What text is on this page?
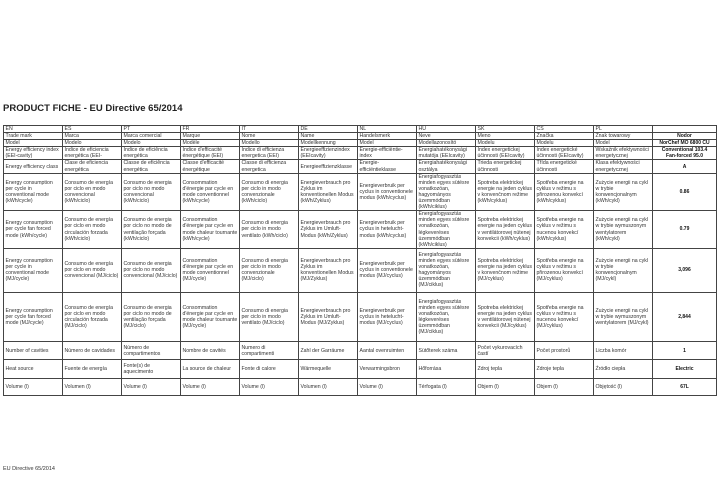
PRODUCT FICHE - EU Directive 65/2014
EN	ES	PT	FR	IT	DE	NL	HU	SK	CS	PL	
Trade mark	Marca	Marca comercial	Marque	Nome	Name	Handelsmerk	Neve	Meno	Značka	Znak towarowy	Nodor

Model	Modelo	Modelo	Modèle	Modello	Modellkennung	Model	Modellazonosító	Modelu	Modelu	Model	NorChef MO 6800 CU

Energy efficiency index (EEI-cavity)	Índice de eficiencia energética (EEI-	Índice de eficiência energética	Indice d'efficacité énergétique (EEI)	Indice di efficienza energetica (EEI)	Energieeffizienzindex (EEIcavity)	Energie-efficiëntie-index	Energiahatékonysági mutatója (EEIcavity)	Index energetickej účinnosti (EEIcavity)	Index energetické účinnosti (EEIcavity)	Wskaźnik efektywności energetycznej	Conventional 103.4
Fan-forced 95.0

Energy efficiency class	Clase de eficiencia energética	Classe de eficiência energética	Classe d'efficacité énergétique	Classe di efficienza energetica	Energieeffizienzklasse	Energie-efficiëntieklasse	Energiahatékonysági osztálya	Trieda energetickej účinnosti	Třída energetické účinnosti	Klasa efektywności energetycznej	A

Energy consumption per cycle in conventional mode (kWh/cycle)	Consumo de energía por ciclo en modo convencional (kWh/ciclo)	Consumo de energia por ciclo no modo convencional (kWh/ciclo)	Consommation d'énergie par cycle en mode conventionnel (kWh/cycle)	Consumo di energia per ciclo in modo convenzionale (kWh/ciclo)	Energieverbrauch pro Zyklus im konventionellen Modus (kWh/Zyklus)	Energieverbruik per cyclus in conventionele modus (kWh/cyclus)	Energiafogyasztás minden egyes sütésre vonatkozóan, hagyományos üzemmódban (kWh/ciklus)	Spotreba elektrickej energie na jeden cyklus v konvenčnom režime (kWh/cyklus)	Spotřeba energie na cyklus v režimu s přirozenou konvekcí (kWh/cyklus)	Zużycie energii na cykl w trybie konwencjonalnym (kWh/cykl)	0.86

Energy consumption per cycle fan forced mode (kWh/cycle)	Consumo de energía por ciclo en modo circulación forzada (kWh/ciclo)	Consumo de energia por ciclo no modo de ventilação forçada (kWh/ciclo)	Consommation d'énergie par cycle en mode chaleur tournante (kWh/cycle)	Consumo di energia per ciclo in modo ventilato (kWh/ciclo)	Energieverbrauch pro Zyklus im Umluft-Modus (kWh/Zyklus)	Energieverbruik per cyclus in hetelucht-modus (kWh/cyclus)	Energiafogyasztás minden egyes sütésre vonatkozóan, légkeveréses üzemmódban (kWh/ciklus)	Spotreba elektrickej energie na jeden cyklus v ventilátorovej nútenej konvekcii (kWh/cyklus)	Spotřeba energie na cyklus v režimu s nucenou konvekcí (kWh/cyklus)	Zużycie energii na cykl w trybie wymuszonym wentylatorem (kWh/cykl)	0.79

Energy consumption per cycle in conventional mode (MJ/cycle)	Consumo de energía por ciclo en modo convencional (MJ/ciclo)	Consumo de energia por ciclo no modo convencional (MJ/ciclo)	Consommation d'énergie par cycle en mode conventionnel (MJ/cycle)	Consumo di energia per ciclo in modo convenzionale (MJ/ciclo)	Energieverbrauch pro Zyklus im konventionellen Modus (MJ/Zyklus)	Energieverbruik per cyclus in conventionele modus (MJ/cyclus)	Energiafogyasztás minden egyes sütésre vonatkozóan, hagyományos üzemmódban (MJ/ciklus)	Spotreba elektrickej energie na jeden cyklus v konvenčnom režime (MJ/cyklus)	Spotřeba energie na cyklus v režimu s přirozenou konvekcí (MJ/cyklus)	Zużycie energii na cykl w trybie konwencjonalnym (MJ/cykl)	3,096

Energy consumption per cycle fan forced mode (MJ/cycle)	Consumo de energía por ciclo en modo circulación forzada (MJ/ciclo)	Consumo de energia por ciclo no modo de ventilação forçada (MJ/ciclo)	Consommation d'énergie par cycle en mode chaleur tournante (MJ/cycle)	Consumo di energia per ciclo in modo ventilato (MJ/ciclo)	Energieverbrauch pro Zyklus im Umluft-Modus (MJ/Zyklus)	Energieverbruik per cyclus in hetelucht-modus (MJ/cyclus)	Energiafogyasztás minden egyes sütésre vonatkozóan, légkeveréses üzemmódban (MJ/ciklus)	Spotreba elektrickej energie na jeden cyklus v ventilátorovej nútenej konvekcii (MJ/cyklus)	Spotřeba energie na cyklus v režimu s nucenou konvekcí (MJ/cyklus)	Zużycie energii na cykl w trybie wymuszonym wentylatorem (MJ/cykl)	2,844

Number of cavities	Número de cavidades	Número de compartimentos	Nombre de cavités	Numero di compartimenti	Zahl der Garräume	Aantal ovenruimten	Sütőterek száma	Počet vykurovacích častí	Počet prostorů	Liczba komór	1

Heat source	Fuente de energía	Fonte(s) de aquecimento	La source de chaleur	Fonte di calore	Wärmequelle	Verwarmingsbron	Hőforrása	Zdroj tepla	Zdroje tepla	Źródło ciepła	Electric

Volume (l)	Volumen (l)	Volume (l)	Volume (l)	Volume (l)	Volumen (l)	Volume (l)	Térfogata (l)	Objem (l)	Objem (l)	Objętość (l)	67L
EU Directive 65/2014
